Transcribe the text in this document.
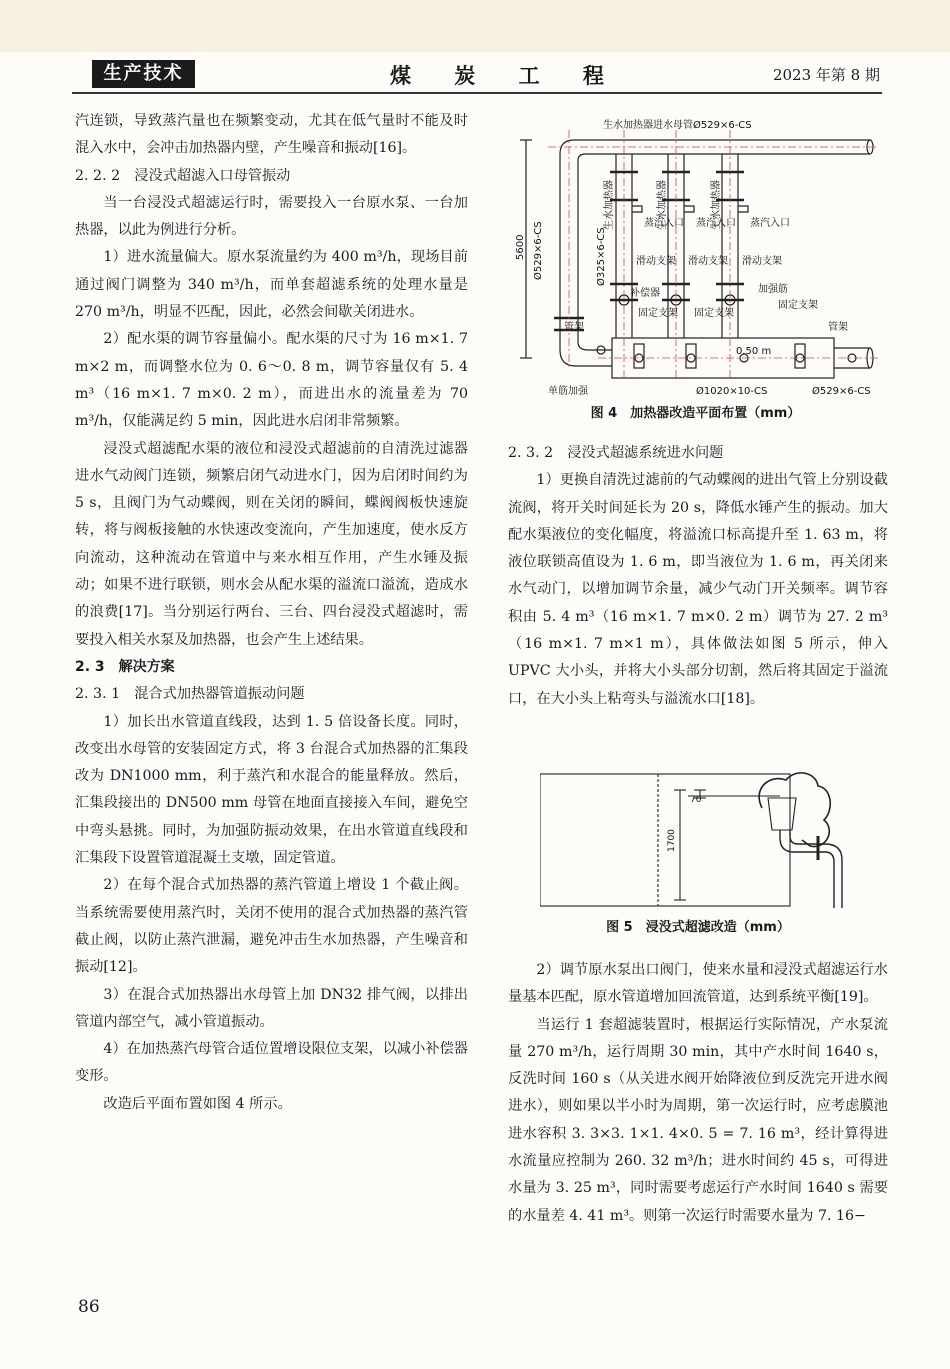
生产技术	煤 炭 工 程	2023 年第 8 期

汽连锁，导致蒸汽量也在频繁变动，尤其在低气量时不能及时混入水中，会冲击加热器内壁，产生噪音和振动[16]。

2. 2. 2　浸没式超滤入口母管振动

当一台浸没式超滤运行时，需要投入一台原水泵、一台加热器，以此为例进行分析。

1）进水流量偏大。原水泵流量约为 400 m³/h，现场目前通过阀门调整为 340 m³/h，而单套超滤系统的处理水量是 270 m³/h，明显不匹配，因此，必然会间歇关闭进水。

2）配水渠的调节容量偏小。配水渠的尺寸为 16 m×1. 7 m×2 m，而调整水位为 0. 6～0. 8 m，调节容量仅有 5. 4 m³（16 m×1. 7 m×0. 2 m），而进出水的流量差为 70 m³/h，仅能满足约 5 min，因此进水启闭非常频繁。

浸没式超滤配水渠的液位和浸没式超滤前的自清洗过滤器进水气动阀门连锁，频繁启闭气动进水门，因为启闭时间约为 5 s，且阀门为气动蝶阀，则在关闭的瞬间，蝶阀阀板快速旋转，将与阀板接触的水快速改变流向，产生加速度，使水反方向流动，这种流动在管道中与来水相互作用，产生水锤及振动；如果不进行联锁，则水会从配水渠的溢流口溢流，造成水的浪费[17]。当分别运行两台、三台、四台浸没式超滤时，需要投入相关水泵及加热器，也会产生上述结果。

2. 3　解决方案

2. 3. 1　混合式加热器管道振动问题

1）加长出水管道直线段，达到 1. 5 倍设备长度。同时，改变出水母管的安装固定方式，将 3 台混合式加热器的汇集段改为 DN1000 mm，利于蒸汽和水混合的能量释放。然后，汇集段接出的 DN500 mm 母管在地面直接接入车间，避免空中弯头悬挑。同时，为加强防振动效果，在出水管道直线段和汇集段下设置管道混凝土支墩，固定管道。

2）在每个混合式加热器的蒸汽管道上增设 1 个截止阀。当系统需要使用蒸汽时，关闭不使用的混合式加热器的蒸汽管截止阀，以防止蒸汽泄漏，避免冲击生水加热器，产生噪音和振动[12]。

3）在混合式加热器出水母管上加 DN32 排气阀，以排出管道内部空气，减小管道振动。

4）在加热蒸汽母管合适位置增设限位支架，以减小补偿器变形。

改造后平面布置如图 4 所示。

生水加热器进水母管Ø529×6-CS
5600 Ø529×6-CS	Ø325×6-CS
生水加热器	生水加热器	生水加热器
蒸汽入口 蒸汽入口 蒸汽入口
滑动支架 滑动支架 滑动支架
补偿器
固定支架 固定支架
固定支架
加强筋
管架	管架
0.50 m
单筋加强	Ø1020×10-CS	Ø529×6-CS
图 4　加热器改造平面布置（mm）

2. 3. 2　浸没式超滤系统进水问题

1）更换自清洗过滤前的气动蝶阀的进出气管上分别设截流阀，将开关时间延长为 20 s，降低水锤产生的振动。加大配水渠液位的变化幅度，将溢流口标高提升至 1. 63 m，将液位联锁高值设为 1. 6 m，即当液位为 1. 6 m，再关闭来水气动门，以增加调节余量，减少气动门开关频率。调节容积由 5. 4 m³（16 m×1. 7 m×0. 2 m）调节为 27. 2 m³（16 m×1. 7 m×1 m），具体做法如图 5 所示，伸入 UPVC 大小头，并将大小头部分切割，然后将其固定于溢流口，在大小头上粘弯头与溢流水口[18]。

70
1700
图 5　浸没式超滤改造（mm）

2）调节原水泵出口阀门，使来水量和浸没式超滤运行水量基本匹配，原水管道增加回流管道，达到系统平衡[19]。

当运行 1 套超滤装置时，根据运行实际情况，产水泵流量 270 m³/h，运行周期 30 min，其中产水时间 1640 s，反洗时间 160 s（从关进水阀开始降液位到反洗完开进水阀进水），则如果以半小时为周期，第一次运行时，应考虑膜池进水容积 3. 3×3. 1×1. 4×0. 5 = 7. 16 m³，经计算得进水流量应控制为 260. 32 m³/h；进水时间约 45 s，可得进水量为 3. 25 m³，同时需要考虑运行产水时间 1640 s 需要的水量差 4. 41 m³。则第一次运行时需要水量为 7. 16−

86
